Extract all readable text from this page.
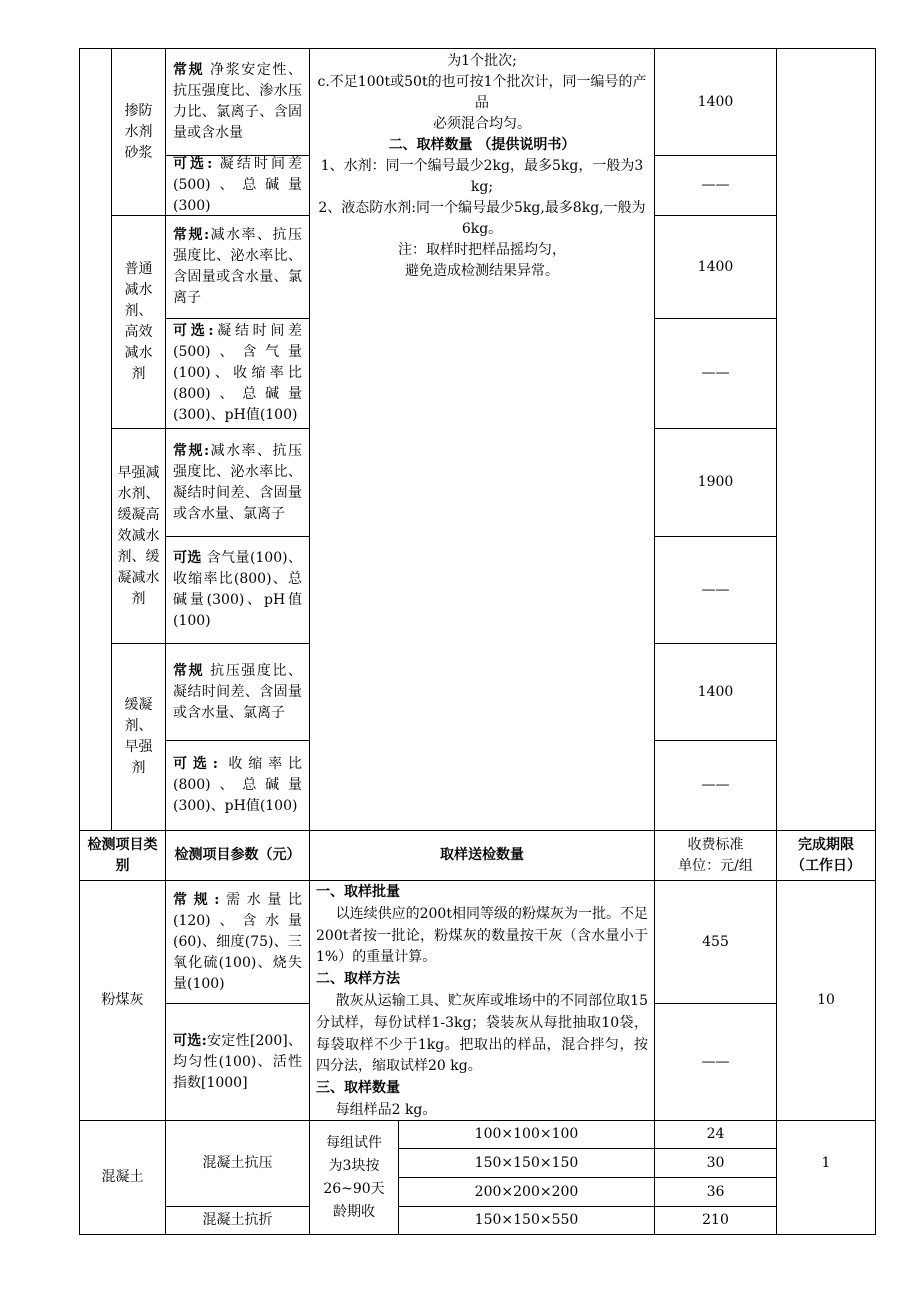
掺防水剂砂浆
常规 净浆安定性、抗压强度比、渗水压力比、氯离子、含固量或含水量
可选: 凝结时间差(500)、总碱量(300)
1400
——
普通减水剂、高效减水剂
常规:减水率、抗压强度比、泌水率比、含固量或含水量、氯离子
可选:凝结时间差(500)、含气量(100)、收缩率比(800)、总碱量(300)、pH值(100)
1400
——
早强减水剂、缓凝高效减水剂、缓凝减水剂
常规:减水率、抗压强度比、泌水率比、凝结时间差、含固量或含水量、氯离子
可选 含气量(100)、收缩率比(800)、总碱量(300)、pH值(100)
1900
——
缓凝剂、早强剂
常规 抗压强度比、凝结时间差、含固量或含水量、氯离子
可选: 收缩率比(800)、总碱量(300)、pH值(100)
1400
——
为1个批次;
c.不足100t或50t的也可按1个批次计，同一编号的产品
必须混合均匀。
二、取样数量 （提供说明书）
1、水剂：同一个编号最少2kg，最多5kg，一般为3 kg;
2、液态防水剂:同一个编号最少5kg,最多8kg,一般为6kg。
注：取样时把样品摇均匀，
避免造成检测结果异常。
检测项目类别
检测项目参数（元）	取样送检数量
收费标准
单位：元/组
完成期限
（工作日）
粉煤灰
常规:需水量比(120)、含水量(60)、细度(75)、三氧化硫(100)、烧失量(100)
可选:安定性[200]、均匀性(100)、活性指数[1000]
一、取样批量
以连续供应的200t相同等级的粉煤灰为一批。不足200t者按一批论，粉煤灰的数量按干灰（含水量小于1%）的重量计算。
二、取样方法
散灰从运输工具、贮灰库或堆场中的不同部位取15分试样，每份试样1-3kg；袋装灰从每批抽取10袋，每袋取样不少于1kg。把取出的样品，混合拌匀，按四分法，缩取试样20 kg。
三、取样数量
每组样品2 kg。
455
——
10
混凝土
混凝土抗压
混凝土抗折
每组试件为3块按26~90天龄期收
100×100×100
150×150×150
200×200×200
150×150×550
24
30
36
210
1
